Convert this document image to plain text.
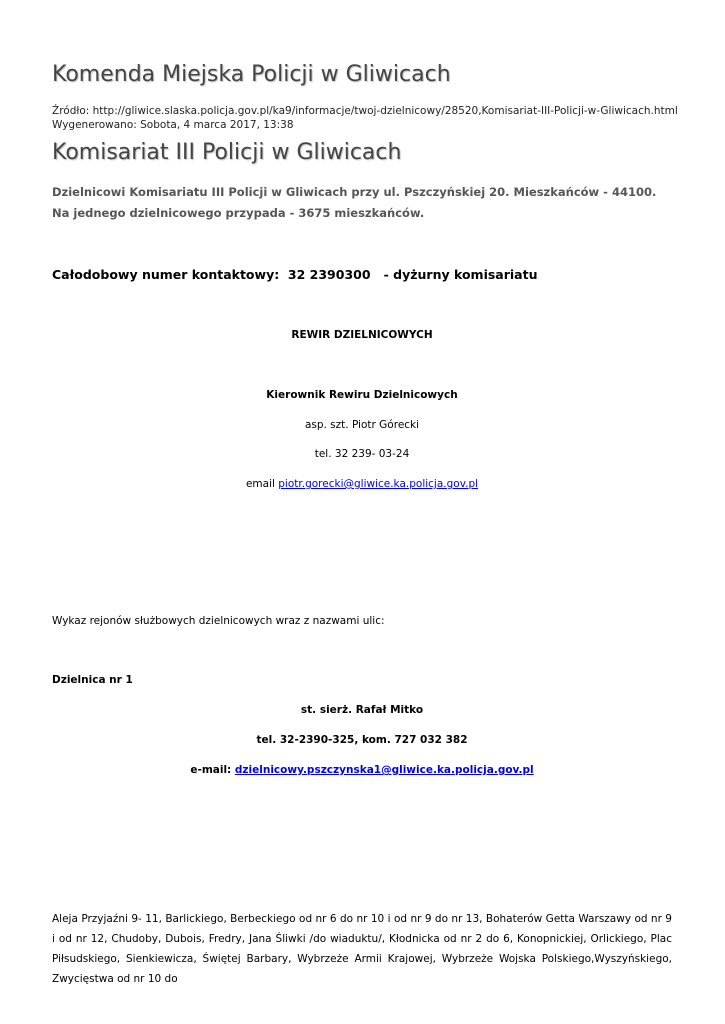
Komenda Miejska Policji w Gliwicach
Źródło: http://gliwice.slaska.policja.gov.pl/ka9/informacje/twoj-dzielnicowy/28520,Komisariat-III-Policji-w-Gliwicach.html
Wygenerowano: Sobota, 4 marca 2017, 13:38
Komisariat III Policji w Gliwicach
Dzielnicowi Komisariatu III Policji w Gliwicach przy ul. Pszczyńskiej 20. Mieszkańców - 44100. Na jednego dzielnicowego przypada - 3675 mieszkańców.
Całodobowy numer kontaktowy:  32 2390300   - dyżurny komisariatu
REWIR DZIELNICOWYCH
Kierownik Rewiru Dzielnicowych
asp. szt. Piotr Górecki
tel. 32 239- 03-24
email piotr.gorecki@gliwice.ka.policja.gov.pl
Wykaz rejonów służbowych dzielnicowych wraz z nazwami ulic:
Dzielnica nr 1
st. sierż. Rafał Mitko
tel. 32-2390-325, kom. 727 032 382
e-mail: dzielnicowy.pszczynska1@gliwice.ka.policja.gov.pl
Aleja Przyjaźni 9- 11, Barlickiego, Berbeckiego od nr 6 do nr 10 i od nr 9 do nr 13, Bohaterów Getta Warszawy od nr 9 i od nr 12, Chudoby, Dubois, Fredry, Jana Śliwki /do wiaduktu/, Kłodnicka od nr 2 do 6, Konopnickiej, Orlickiego, Plac Piłsudskiego, Sienkiewicza, Świętej Barbary, Wybrzeże Armii Krajowej, Wybrzeże Wojska Polskiego,Wyszyńskiego, Zwycięstwa od nr 10 do
